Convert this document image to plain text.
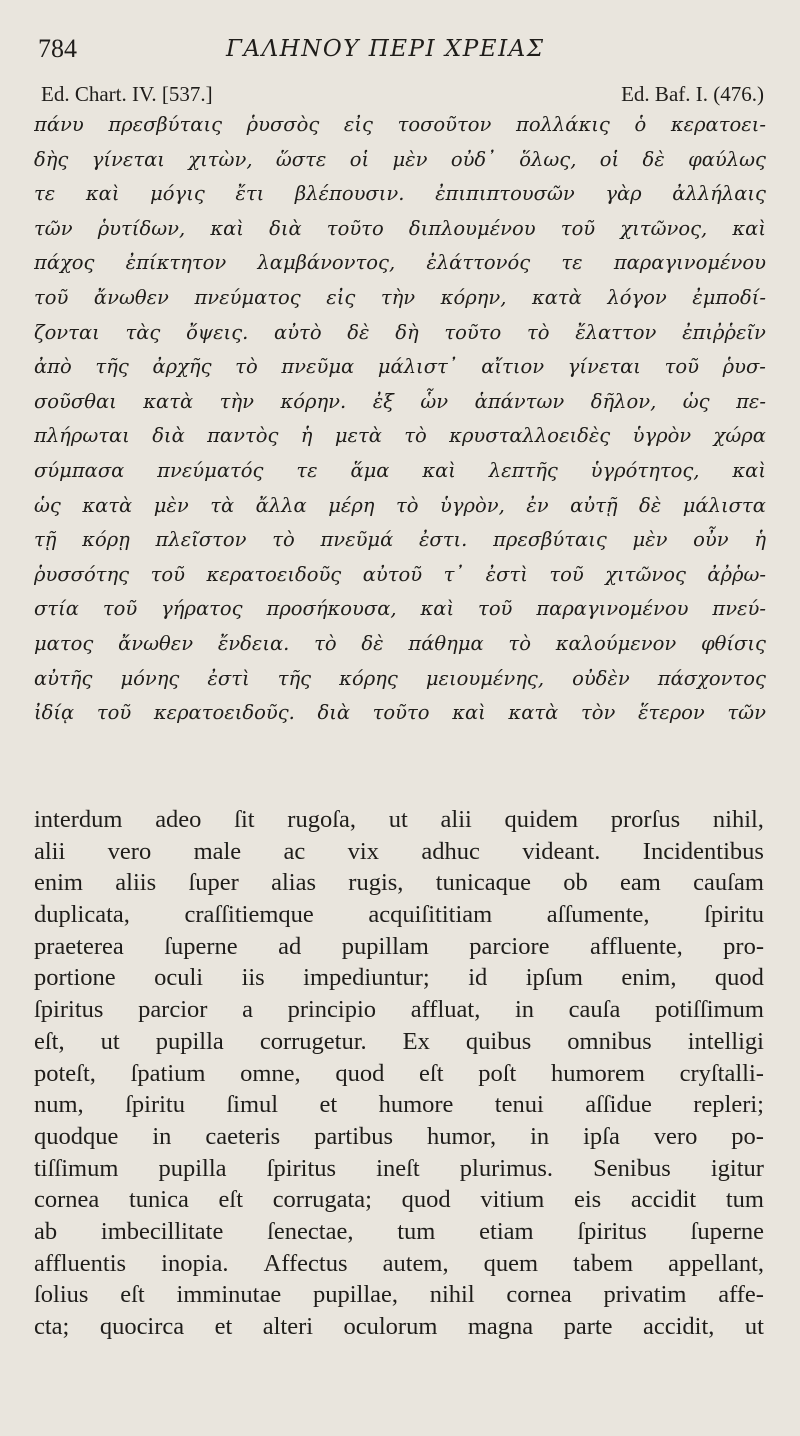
784	ΓΑΛΗΝΟΥ ΠΕΡΙ ΧΡΕΙΑΣ
Ed. Chart. IV. [537.]	Ed. Baf. I. (476.)
πάνυ πρεσβύταις ῥυσσὸς εἰς τοσοῦτον πολλάκις ὁ κερατοει-
δὴς γίνεται χιτὼν, ὥστε οἱ μὲν οὐδ᾽ ὅλως, οἱ δὲ φαύλως
τε καὶ μόγις ἔτι βλέπουσιν. ἐπιπιπτουσῶν γὰρ ἀλλήλαις
τῶν ῥυτίδων, καὶ διὰ τοῦτο διπλουμένου τοῦ χιτῶνος, καὶ
πάχος ἐπίκτητον λαμβάνοντος, ἐλάττονός τε παραγινομένου
τοῦ ἄνωθεν πνεύματος εἰς τὴν κόρην, κατὰ λόγον ἐμποδί-
ζονται τὰς ὄψεις. αὐτὸ δὲ δὴ τοῦτο τὸ ἔλαττον ἐπιῤῥεῖν
ἀπὸ τῆς ἀρχῆς τὸ πνεῦμα μάλιστ᾽ αἴτιον γίνεται τοῦ ῥυσ-
σοῦσθαι κατὰ τὴν κόρην. ἐξ ὧν ἁπάντων δῆλον, ὡς πε-
πλήρωται διὰ παντὸς ἡ μετὰ τὸ κρυσταλλοειδὲς ὑγρὸν χώρα
σύμπασα πνεύματός τε ἅμα καὶ λεπτῆς ὑγρότητος, καὶ
ὡς κατὰ μὲν τὰ ἄλλα μέρη τὸ ὑγρὸν, ἐν αὐτῇ δὲ μάλιστα
τῇ κόρῃ πλεῖστον τὸ πνεῦμά ἐστι. πρεσβύταις μὲν οὖν ἡ
ῥυσσότης τοῦ κερατοειδοῦς αὐτοῦ τ᾽ ἐστὶ τοῦ χιτῶνος ἀῤῥω-
στία τοῦ γήρατος προσήκουσα, καὶ τοῦ παραγινομένου πνεύ-
ματος ἄνωθεν ἔνδεια. τὸ δὲ πάθημα τὸ καλούμενον φθίσις
αὐτῆς μόνης ἐστὶ τῆς κόρης μειουμένης, οὐδὲν πάσχοντος
ἰδίᾳ τοῦ κερατοειδοῦς. διὰ τοῦτο καὶ κατὰ τὸν ἕτερον τῶν
interdum adeo ſit rugoſa, ut alii quidem prorſus nihil,
alii vero male ac vix adhuc videant. Incidentibus
enim aliis ſuper alias rugis, tunicaque ob eam cauſam
duplicata, craſſitiemque acquiſititiam aſſumente, ſpiritu
praeterea ſuperne ad pupillam parciore affluente, pro-
portione oculi iis impediuntur; id ipſum enim, quod
ſpiritus parcior a principio affluat, in cauſa potiſſimum
eſt, ut pupilla corrugetur. Ex quibus omnibus intelligi
poteſt, ſpatium omne, quod eſt poſt humorem cryſtalli-
num, ſpiritu ſimul et humore tenui aſſidue repleri;
quodque in caeteris partibus humor, in ipſa vero po-
tiſſimum pupilla ſpiritus ineſt plurimus. Senibus igitur
cornea tunica eſt corrugata; quod vitium eis accidit tum
ab imbecillitate ſenectae, tum etiam ſpiritus ſuperne
affluentis inopia. Affectus autem, quem tabem appellant,
ſolius eſt imminutae pupillae, nihil cornea privatim affe-
cta; quocirca et alteri oculorum magna parte accidit, ut
